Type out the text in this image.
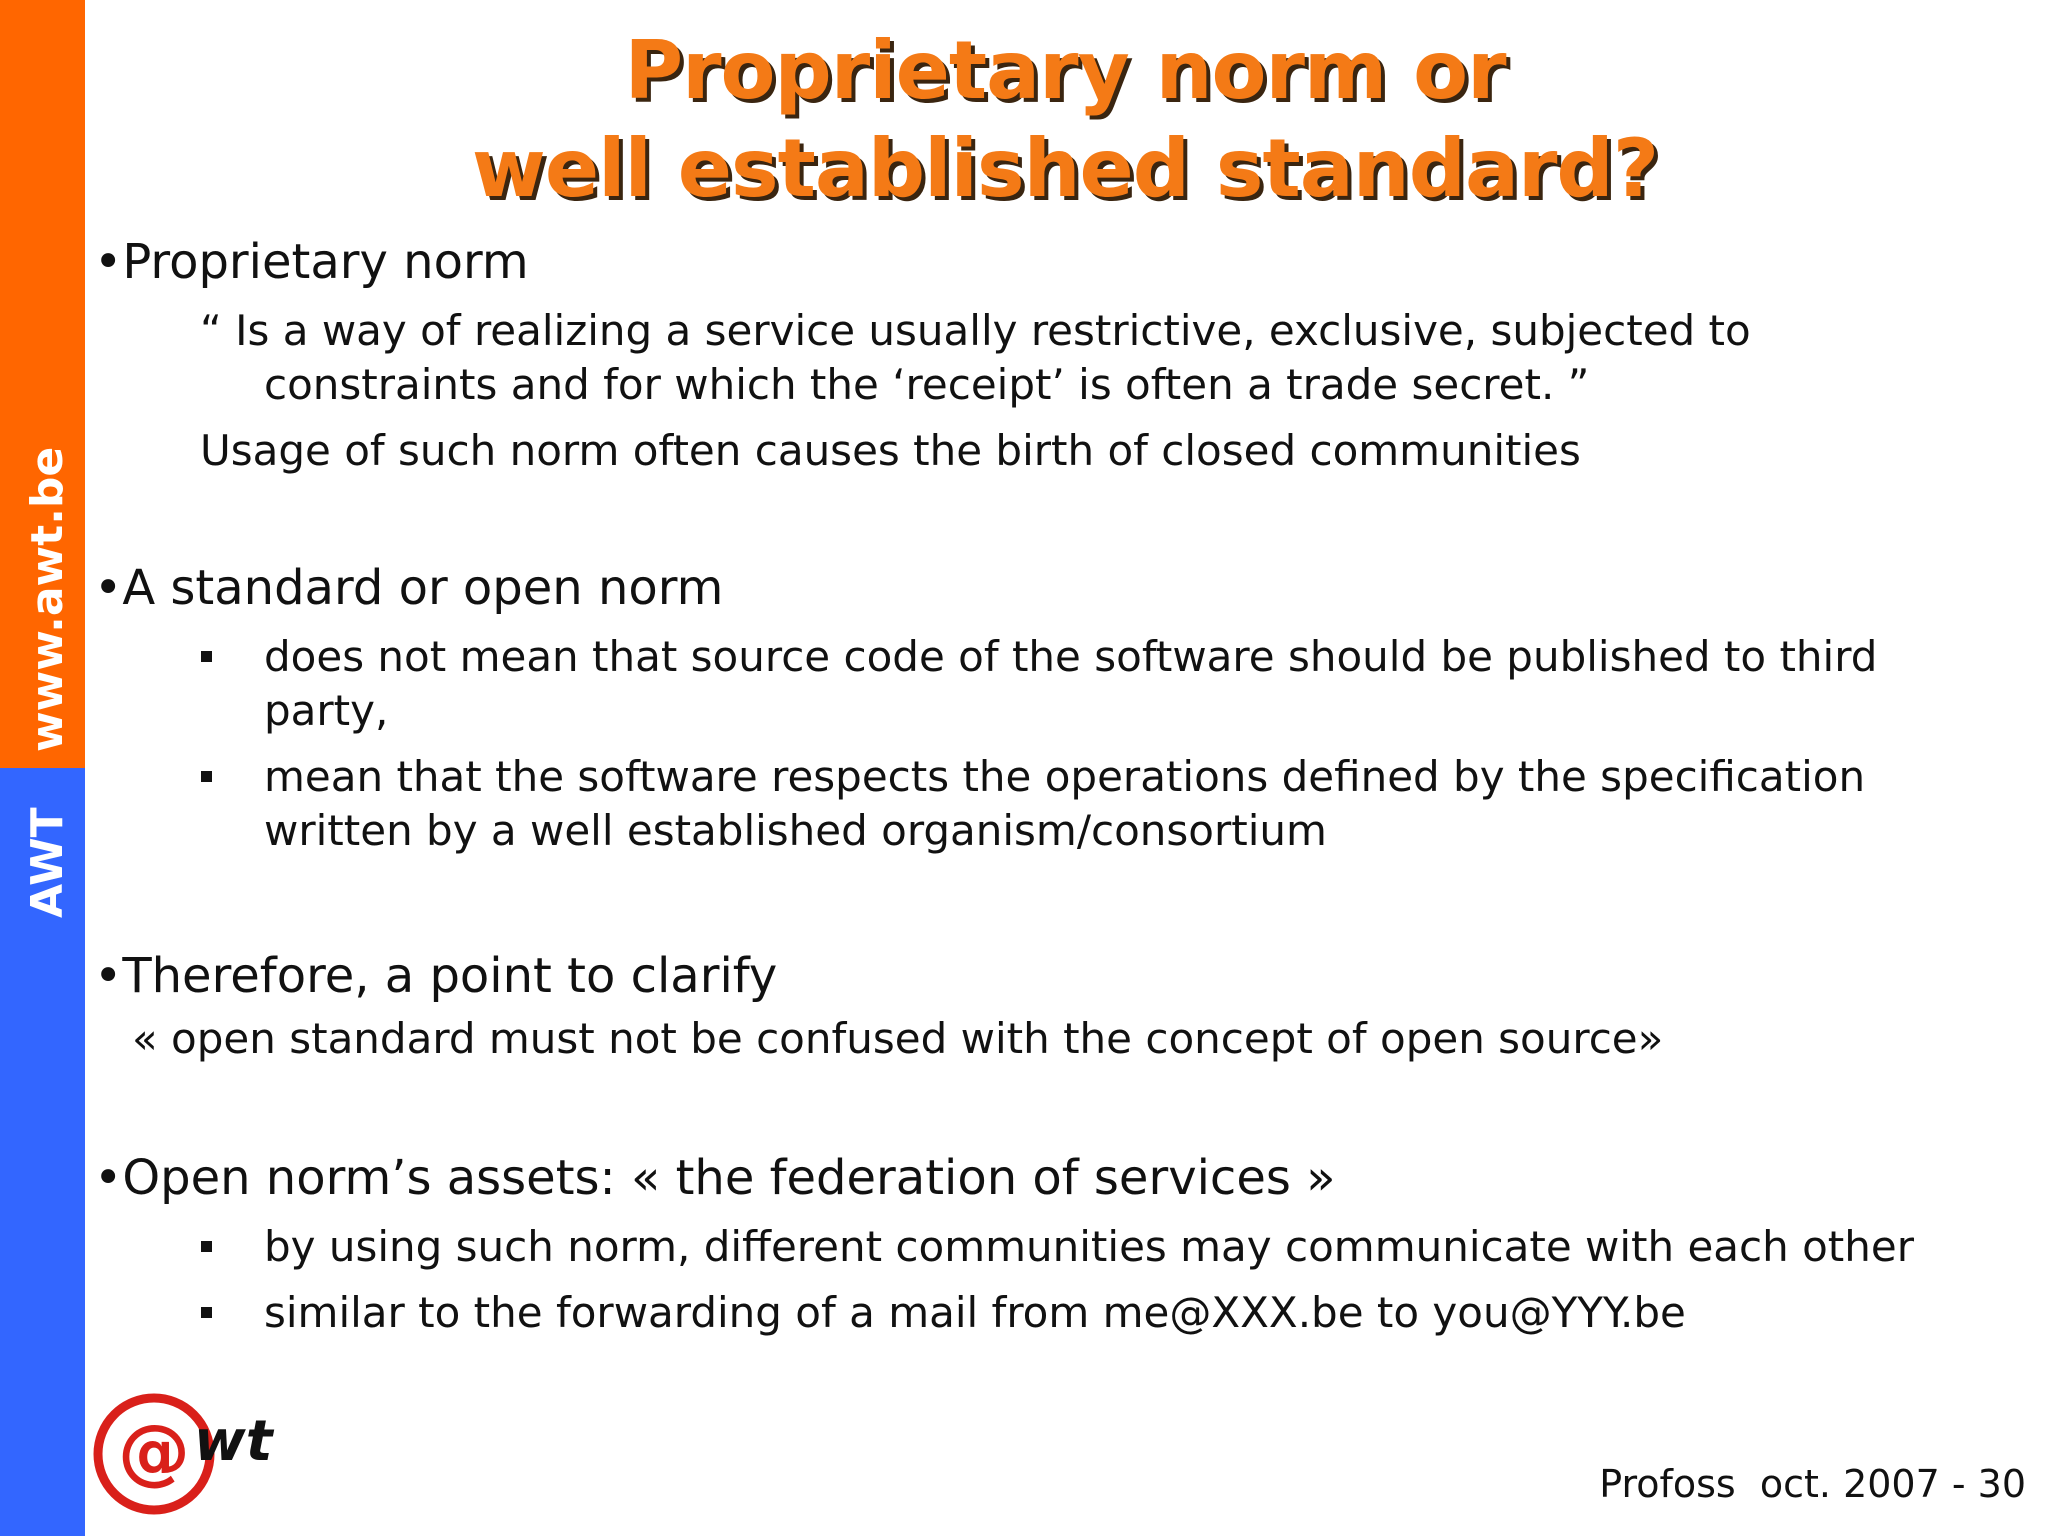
www.awt.be
AWT
Proprietary norm or
well established standard?
•Proprietary norm
“ Is a way of realizing a service usually restrictive, exclusive, subjected to
constraints and for which the ‘receipt’ is often a trade secret. ”
Usage of such norm often causes the birth of closed communities
•A standard or open norm
does not mean that source code of the software should be published to third
party,
mean that the software respects the operations defined by the specification
written by a well established organism/consortium
•Therefore, a point to clarify
« open standard must not be confused with the concept of open source»
•Open norm’s assets: « the federation of services »
by using such norm, different communities may communicate with each other
similar to the forwarding of a mail from me@XXX.be to you@YYY.be
@ wt
Profoss  oct. 2007 - 30
